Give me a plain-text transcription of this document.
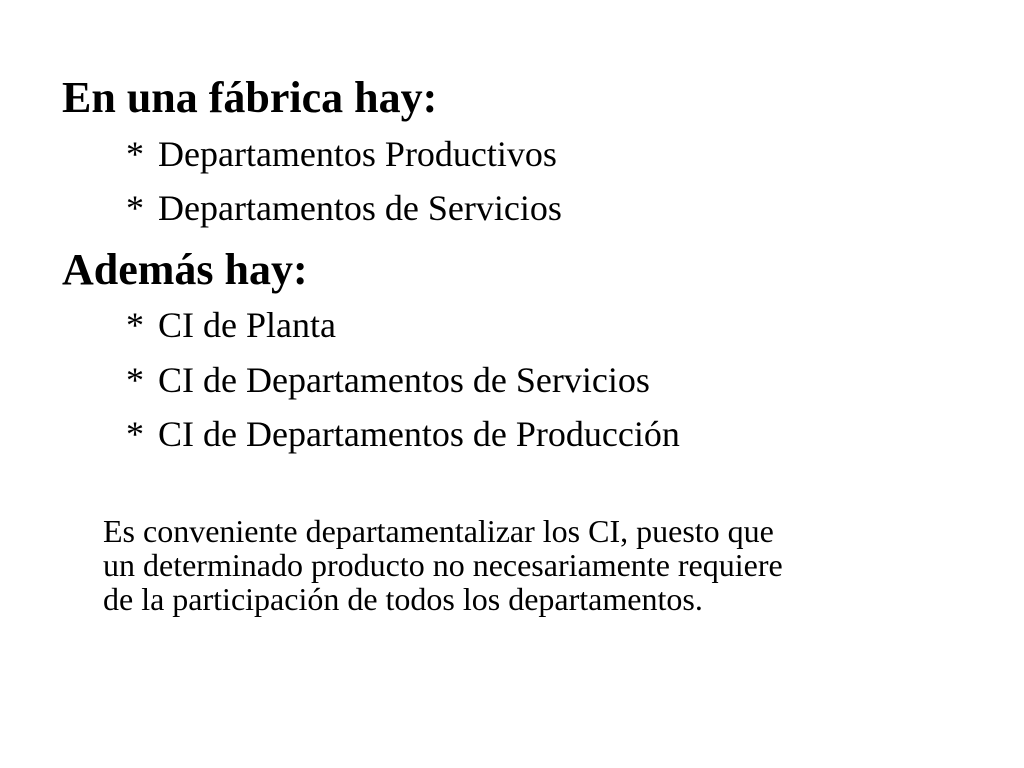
En una fábrica hay:
* Departamentos Productivos
* Departamentos de Servicios
Además hay:
* CI de Planta
* CI de Departamentos de Servicios
* CI de Departamentos de Producción
Es conveniente departamentalizar los CI, puesto que
un determinado producto no necesariamente requiere
de la participación de todos los departamentos.
